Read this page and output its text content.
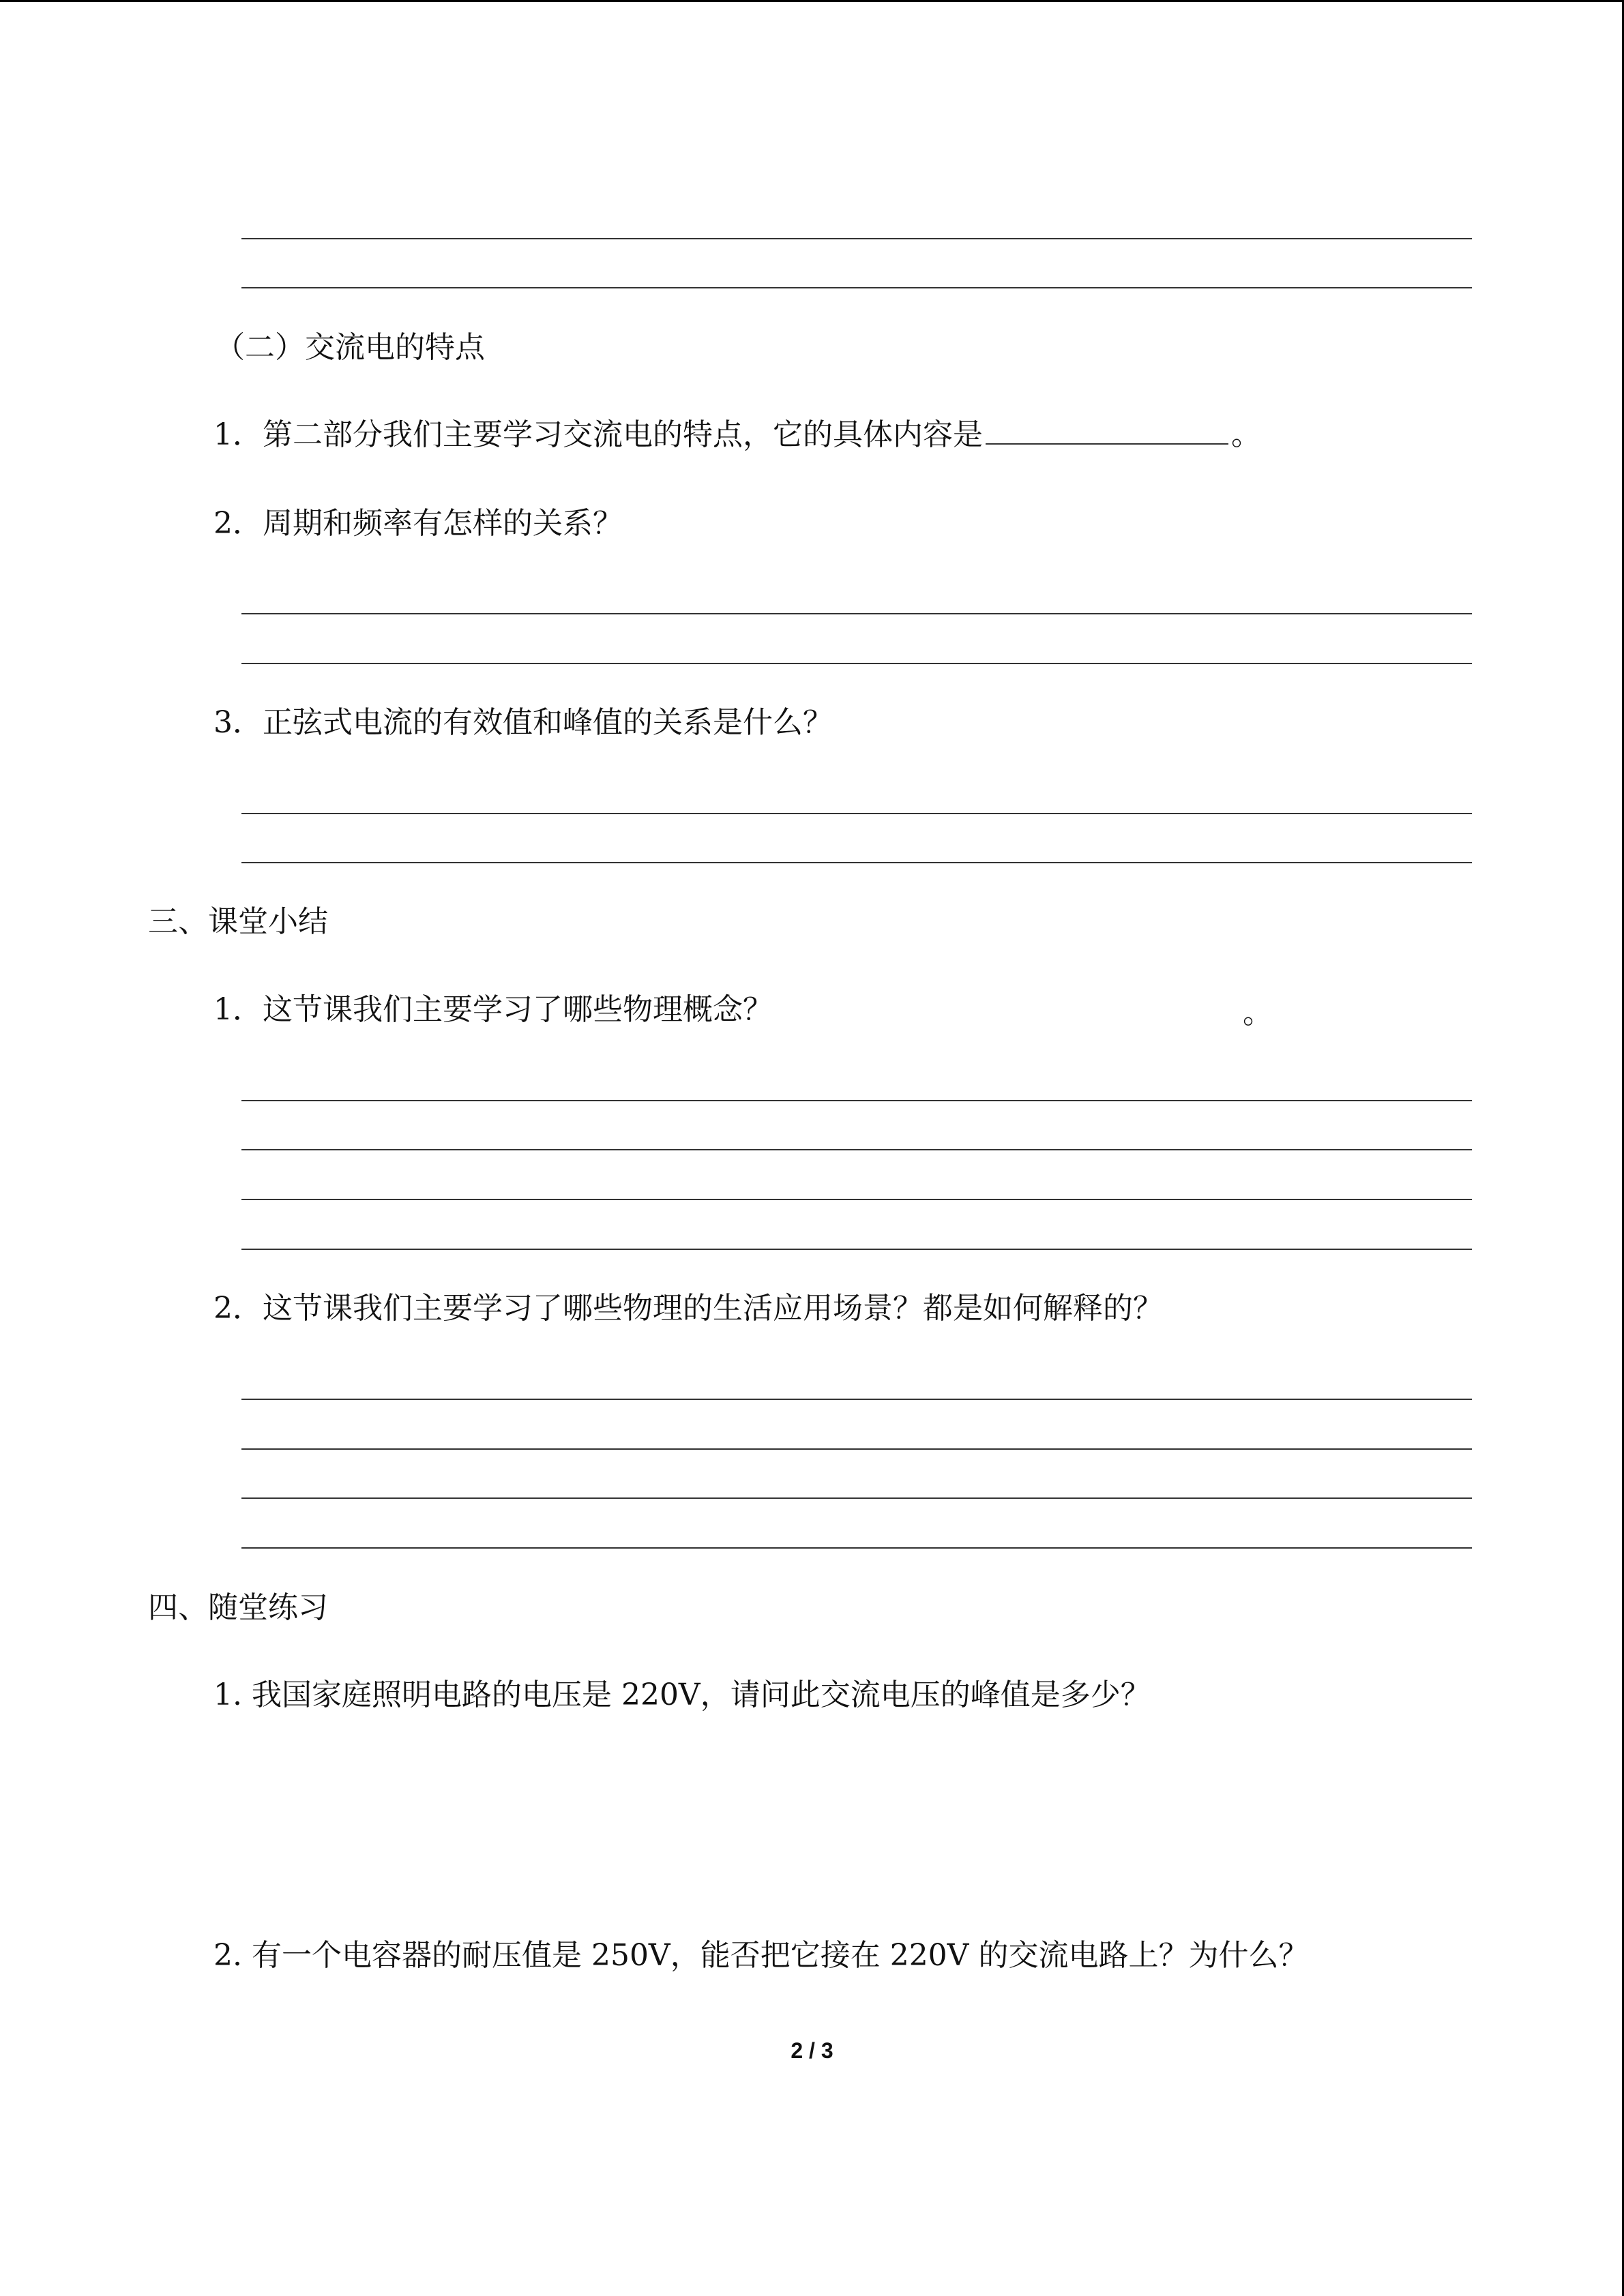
（二）交流电的特点
1．第二部分我们主要学习交流电的特点，它的具体内容是	。
2．周期和频率有怎样的关系？
3．正弦式电流的有效值和峰值的关系是什么？
三、课堂小结
1．这节课我们主要学习了哪些物理概念？	。
2．这节课我们主要学习了哪些物理的生活应用场景？都是如何解释的？
四、随堂练习
1. 我国家庭照明电路的电压是 220V，请问此交流电压的峰值是多少？
2. 有一个电容器的耐压值是 250V，能否把它接在 220V 的交流电路上？为什么？
2 / 3
